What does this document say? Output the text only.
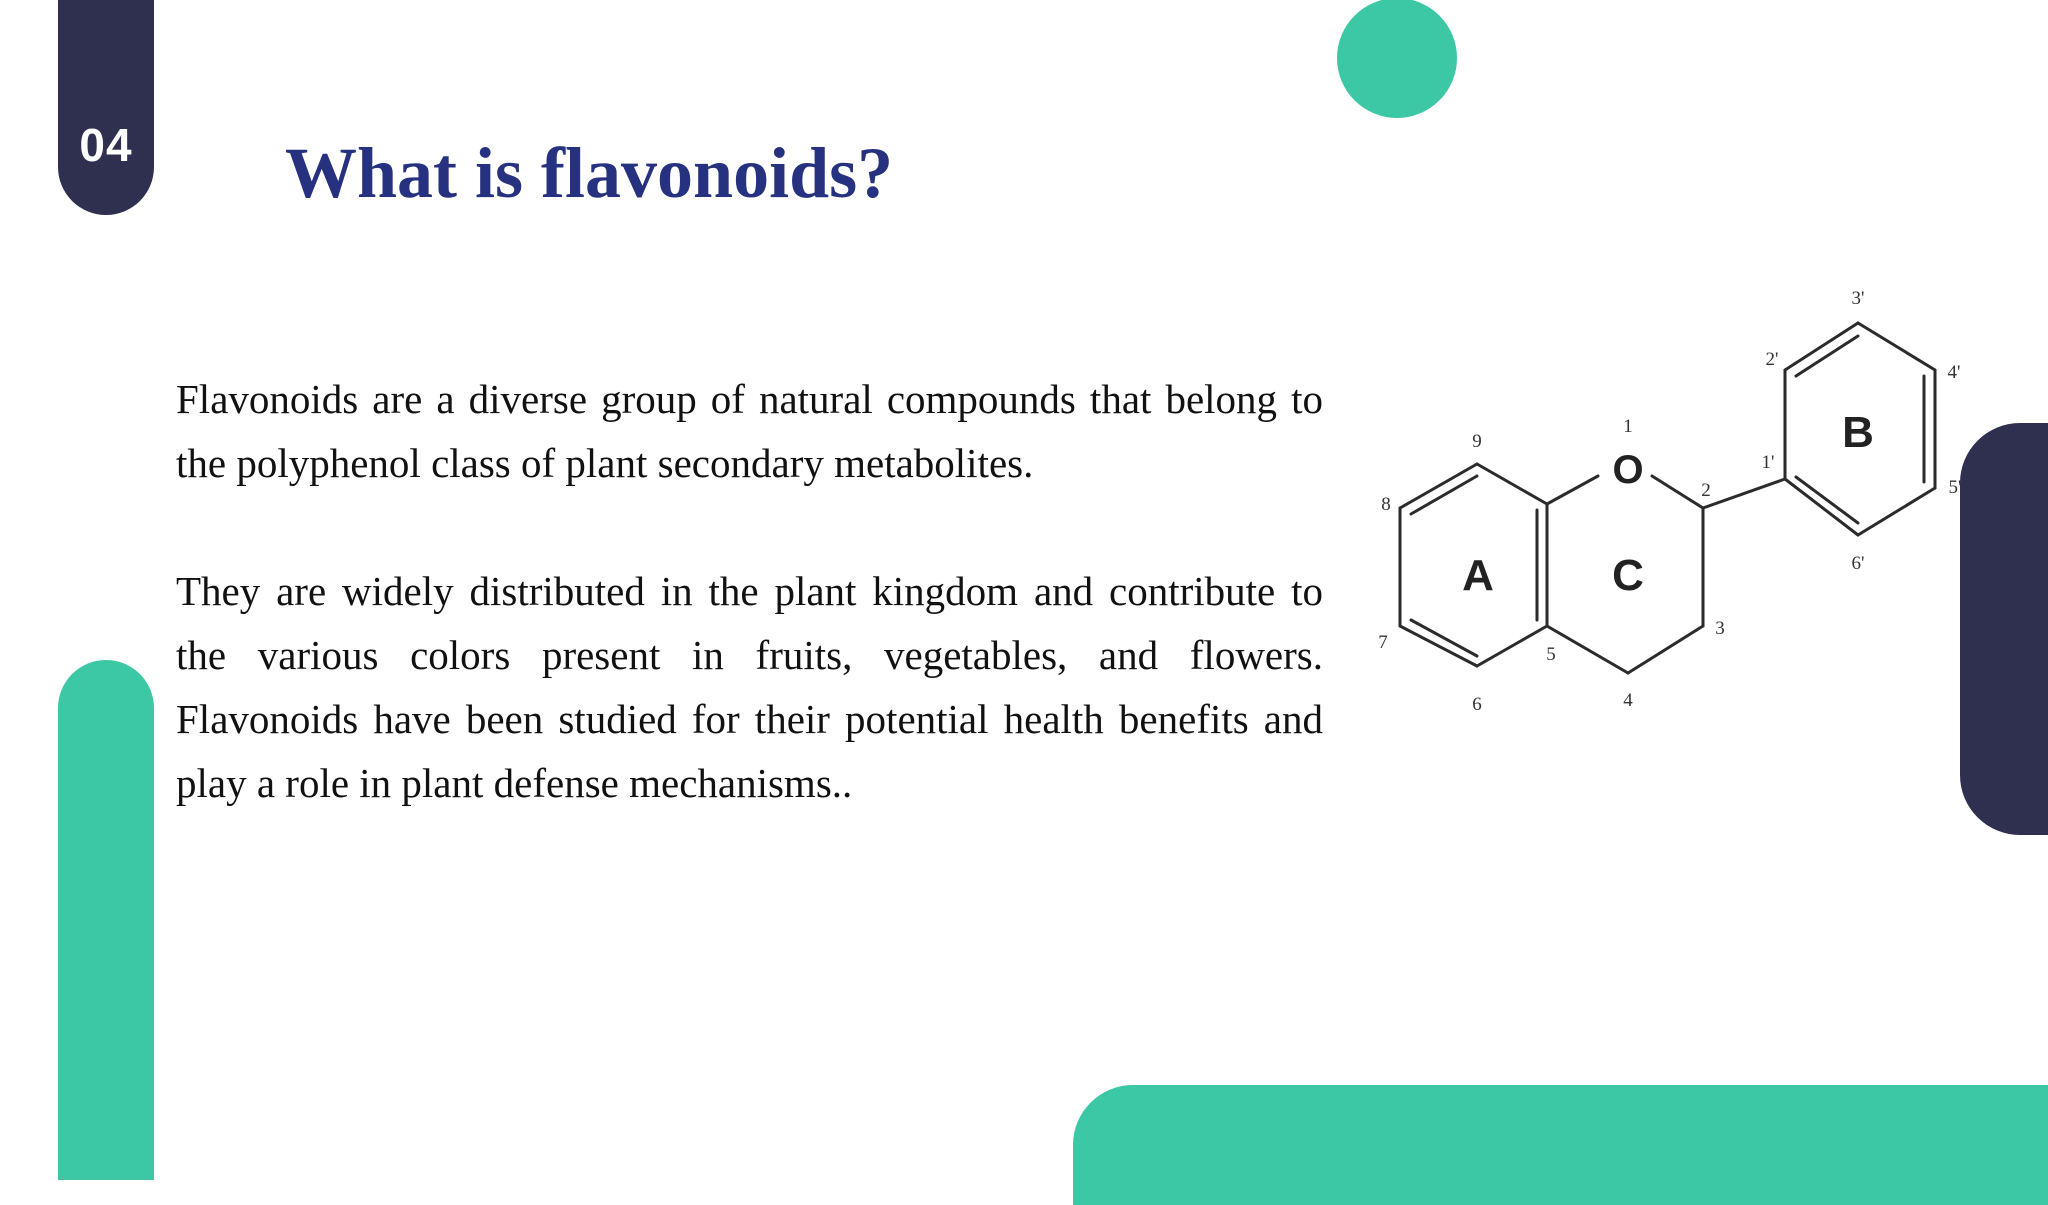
04 What is flavonoids?

Flavonoids are a diverse group of natural compounds that belong to the polyphenol class of plant secondary metabolites.

They are widely distributed in the plant kingdom and contribute to the various colors present in fruits, vegetables, and flowers. Flavonoids have been studied for their potential health benefits and play a role in plant defense mechanisms..

O
A	C
B
1
2
3
4
5
6
7
8
9
1'
2'
3'
4'
5'
6'
